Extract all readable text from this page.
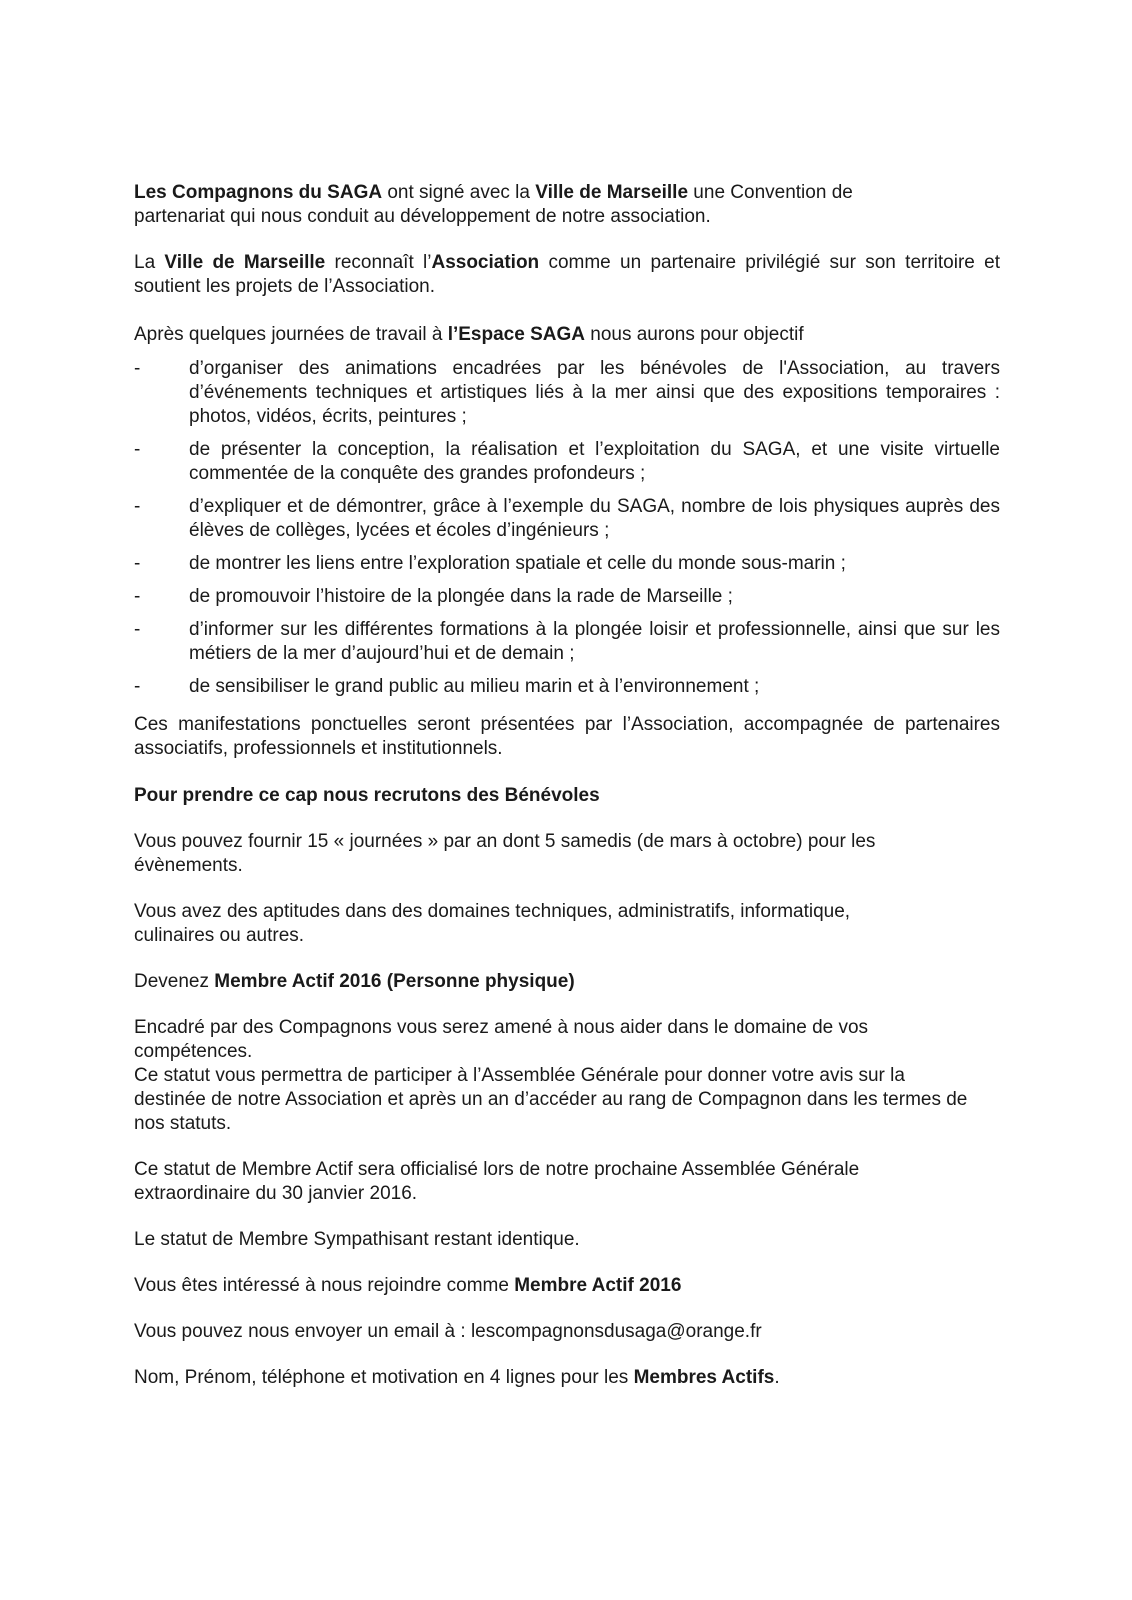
Les Compagnons du SAGA ont signé avec la Ville de Marseille une Convention de partenariat qui nous conduit au développement de notre association.

La Ville de Marseille reconnaît l’Association comme un partenaire privilégié sur son territoire et soutient les projets de l’Association.

Après quelques journées de travail à l’Espace SAGA nous aurons pour objectif

-	d’organiser des animations encadrées par les bénévoles de l'Association, au travers d’événements techniques et artistiques liés à la mer ainsi que des expositions temporaires : photos, vidéos, écrits, peintures ;
-	de présenter la conception, la réalisation et l’exploitation du SAGA, et une visite virtuelle commentée de la conquête des grandes profondeurs ;
-	d’expliquer et de démontrer, grâce à l’exemple du SAGA, nombre de lois physiques auprès des élèves de collèges, lycées et écoles d’ingénieurs ;
-	de montrer les liens entre l’exploration spatiale et celle du monde sous-marin ;
-	de promouvoir l’histoire de la plongée dans la rade de Marseille ;
-	d’informer sur les différentes formations à la plongée loisir et professionnelle, ainsi que sur les métiers de la mer d’aujourd’hui et de demain ;
-	de sensibiliser le grand public au milieu marin et à l’environnement ;

Ces manifestations ponctuelles seront présentées par l’Association, accompagnée de partenaires associatifs, professionnels et institutionnels.

Pour prendre ce cap nous recrutons des Bénévoles

Vous pouvez fournir 15 « journées » par an dont 5 samedis (de mars à octobre) pour les évènements.

Vous avez des aptitudes dans des domaines techniques, administratifs, informatique, culinaires ou autres.

Devenez Membre Actif 2016 (Personne physique)

Encadré par des Compagnons vous serez amené à nous aider dans le domaine de vos compétences.

Ce statut vous permettra de participer à l’Assemblée Générale pour donner votre avis sur la destinée de notre Association et après un an d’accéder au rang de Compagnon dans les termes de nos statuts.

Ce statut de Membre Actif sera officialisé lors de notre prochaine Assemblée Générale extraordinaire du 30 janvier 2016.

Le statut de Membre Sympathisant restant identique.

Vous êtes intéressé à nous rejoindre comme Membre Actif 2016

Vous pouvez nous envoyer un email à : lescompagnonsdusaga@orange.fr

Nom, Prénom, téléphone et motivation en 4 lignes pour les Membres Actifs.
